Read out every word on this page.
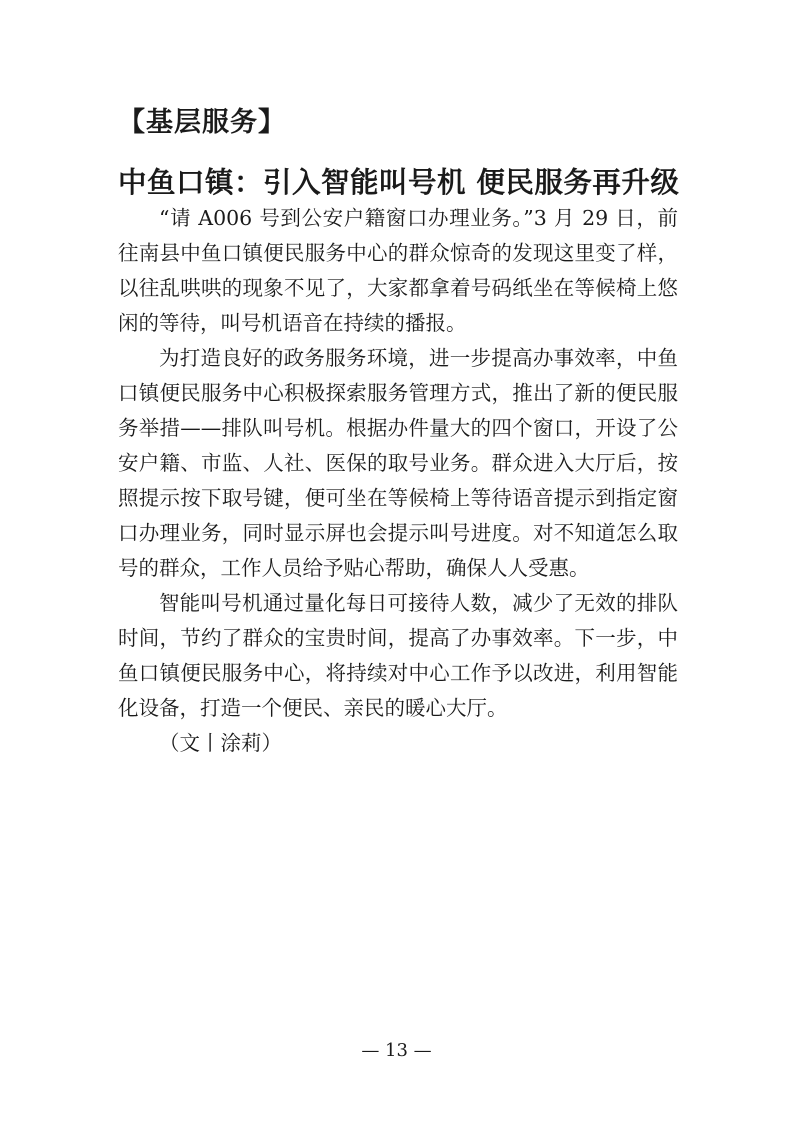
【基层服务】
中鱼口镇：引入智能叫号机 便民服务再升级

“请 A006 号到公安户籍窗口办理业务。”3 月 29 日，前往南县中鱼口镇便民服务中心的群众惊奇的发现这里变了样，以往乱哄哄的现象不见了，大家都拿着号码纸坐在等候椅上悠闲的等待，叫号机语音在持续的播报。

为打造良好的政务服务环境，进一步提高办事效率，中鱼口镇便民服务中心积极探索服务管理方式，推出了新的便民服务举措——排队叫号机。根据办件量大的四个窗口，开设了公安户籍、市监、人社、医保的取号业务。群众进入大厅后，按照提示按下取号键，便可坐在等候椅上等待语音提示到指定窗口办理业务，同时显示屏也会提示叫号进度。对不知道怎么取号的群众，工作人员给予贴心帮助，确保人人受惠。

智能叫号机通过量化每日可接待人数，减少了无效的排队时间，节约了群众的宝贵时间，提高了办事效率。下一步，中鱼口镇便民服务中心，将持续对中心工作予以改进，利用智能化设备，打造一个便民、亲民的暖心大厅。

（文丨涂莉）

— 13 —
